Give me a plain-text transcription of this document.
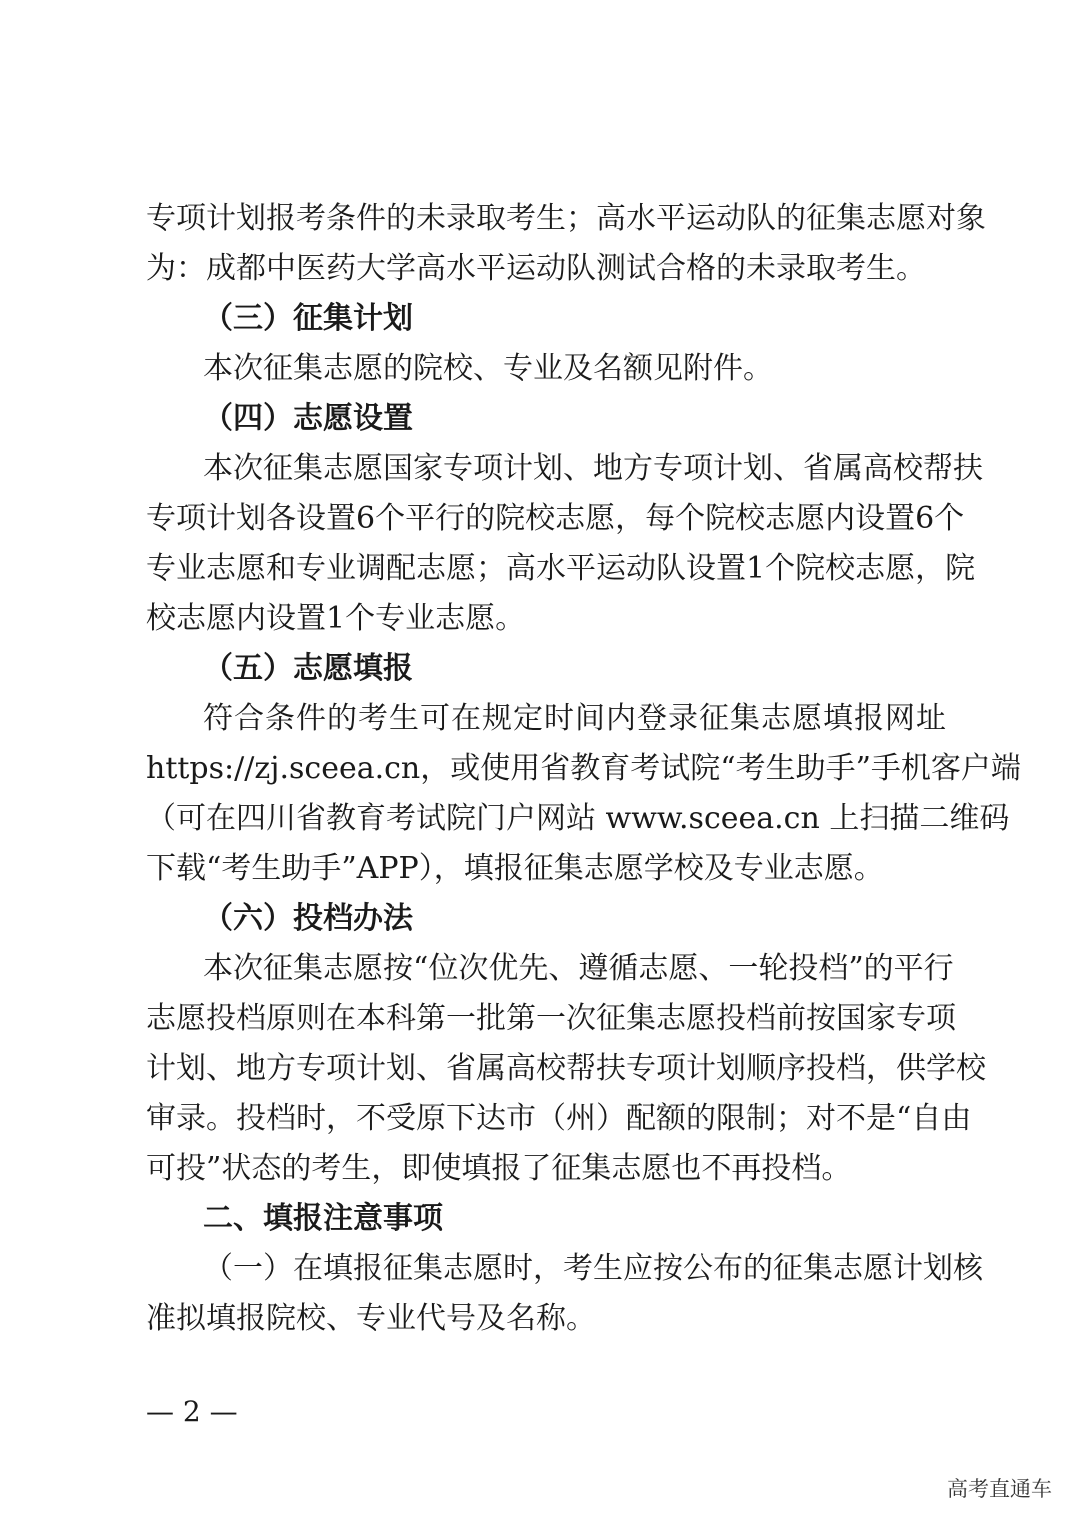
专项计划报考条件的未录取考生；高水平运动队的征集志愿对象
为：成都中医药大学高水平运动队测试合格的未录取考生。
（三）征集计划
本次征集志愿的院校、专业及名额见附件。
（四）志愿设置
本次征集志愿国家专项计划、地方专项计划、省属高校帮扶
专项计划各设置6个平行的院校志愿，每个院校志愿内设置6个
专业志愿和专业调配志愿；高水平运动队设置1个院校志愿，院
校志愿内设置1个专业志愿。
（五）志愿填报
符合条件的考生可在规定时间内登录征集志愿填报网址
https://zj.sceea.cn，或使用省教育考试院“考生助手”手机客户端
（可在四川省教育考试院门户网站 www.sceea.cn 上扫描二维码
下载“考生助手”APP），填报征集志愿学校及专业志愿。
（六）投档办法
本次征集志愿按“位次优先、遵循志愿、一轮投档”的平行
志愿投档原则在本科第一批第一次征集志愿投档前按国家专项
计划、地方专项计划、省属高校帮扶专项计划顺序投档，供学校
审录。投档时，不受原下达市（州）配额的限制；对不是“自由
可投”状态的考生，即使填报了征集志愿也不再投档。
二、填报注意事项
（一）在填报征集志愿时，考生应按公布的征集志愿计划核
准拟填报院校、专业代号及名称。
— 2 —
高考直通车
